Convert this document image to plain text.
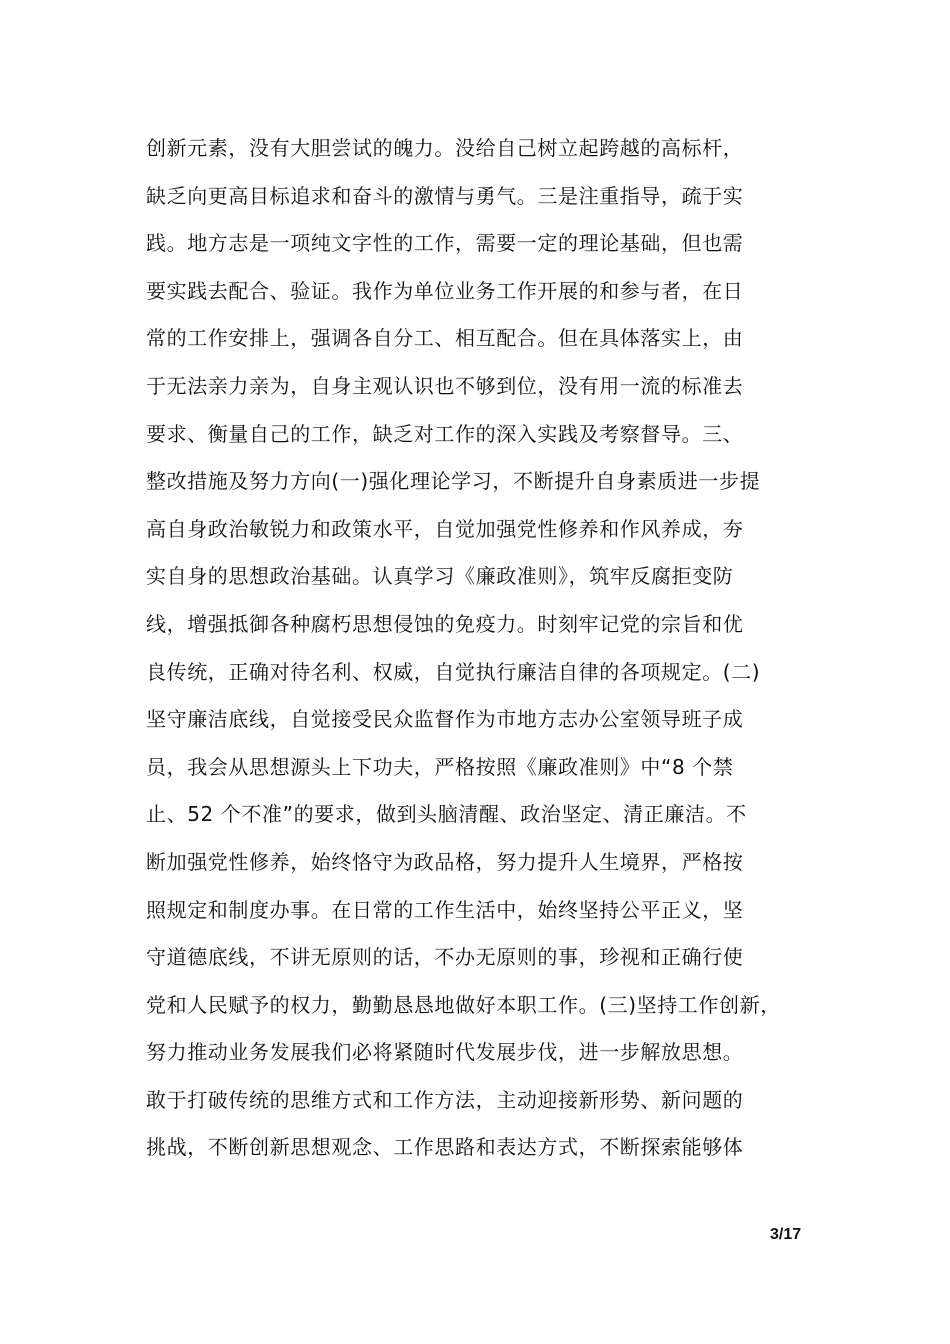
创新元素，没有大胆尝试的魄力。没给自己树立起跨越的高标杆，
缺乏向更高目标追求和奋斗的激情与勇气。三是注重指导，疏于实
践。地方志是一项纯文字性的工作，需要一定的理论基础，但也需
要实践去配合、验证。我作为单位业务工作开展的和参与者，在日
常的工作安排上，强调各自分工、相互配合。但在具体落实上，由
于无法亲力亲为，自身主观认识也不够到位，没有用一流的标准去
要求、衡量自己的工作，缺乏对工作的深入实践及考察督导。三、
整改措施及努力方向(一)强化理论学习，不断提升自身素质进一步提
高自身政治敏锐力和政策水平，自觉加强党性修养和作风养成，夯
实自身的思想政治基础。认真学习《廉政准则》，筑牢反腐拒变防
线，增强抵御各种腐朽思想侵蚀的免疫力。时刻牢记党的宗旨和优
良传统，正确对待名利、权威，自觉执行廉洁自律的各项规定。(二)
坚守廉洁底线，自觉接受民众监督作为市地方志办公室领导班子成
员，我会从思想源头上下功夫，严格按照《廉政准则》中“8 个禁
止、52 个不准”的要求，做到头脑清醒、政治坚定、清正廉洁。不
断加强党性修养，始终恪守为政品格，努力提升人生境界，严格按
照规定和制度办事。在日常的工作生活中，始终坚持公平正义，坚
守道德底线，不讲无原则的话，不办无原则的事，珍视和正确行使
党和人民赋予的权力，勤勤恳恳地做好本职工作。(三)坚持工作创新，
努力推动业务发展我们必将紧随时代发展步伐，进一步解放思想。
敢于打破传统的思维方式和工作方法，主动迎接新形势、新问题的
挑战，不断创新思想观念、工作思路和表达方式，不断探索能够体
3/17
